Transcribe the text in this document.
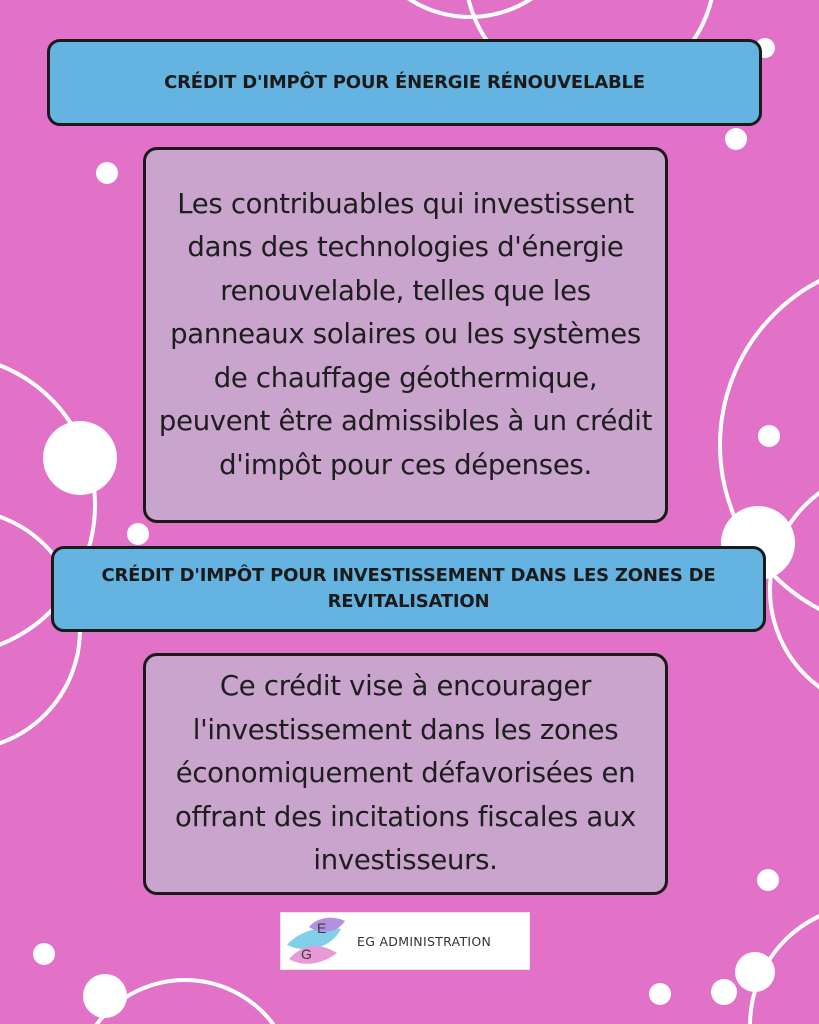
CRÉDIT D'IMPÔT POUR ÉNERGIE RÉNOUVELABLE
Les contribuables qui investissent dans des technologies d'énergie renouvelable, telles que les panneaux solaires ou les systèmes de chauffage géothermique, peuvent être admissibles à un crédit d'impôt pour ces dépenses.
CRÉDIT D'IMPÔT POUR INVESTISSEMENT DANS LES ZONES DE REVITALISATION
Ce crédit vise à encourager l'investissement dans les zones économiquement défavorisées en offrant des incitations fiscales aux investisseurs.
E
G
EG ADMINISTRATION
